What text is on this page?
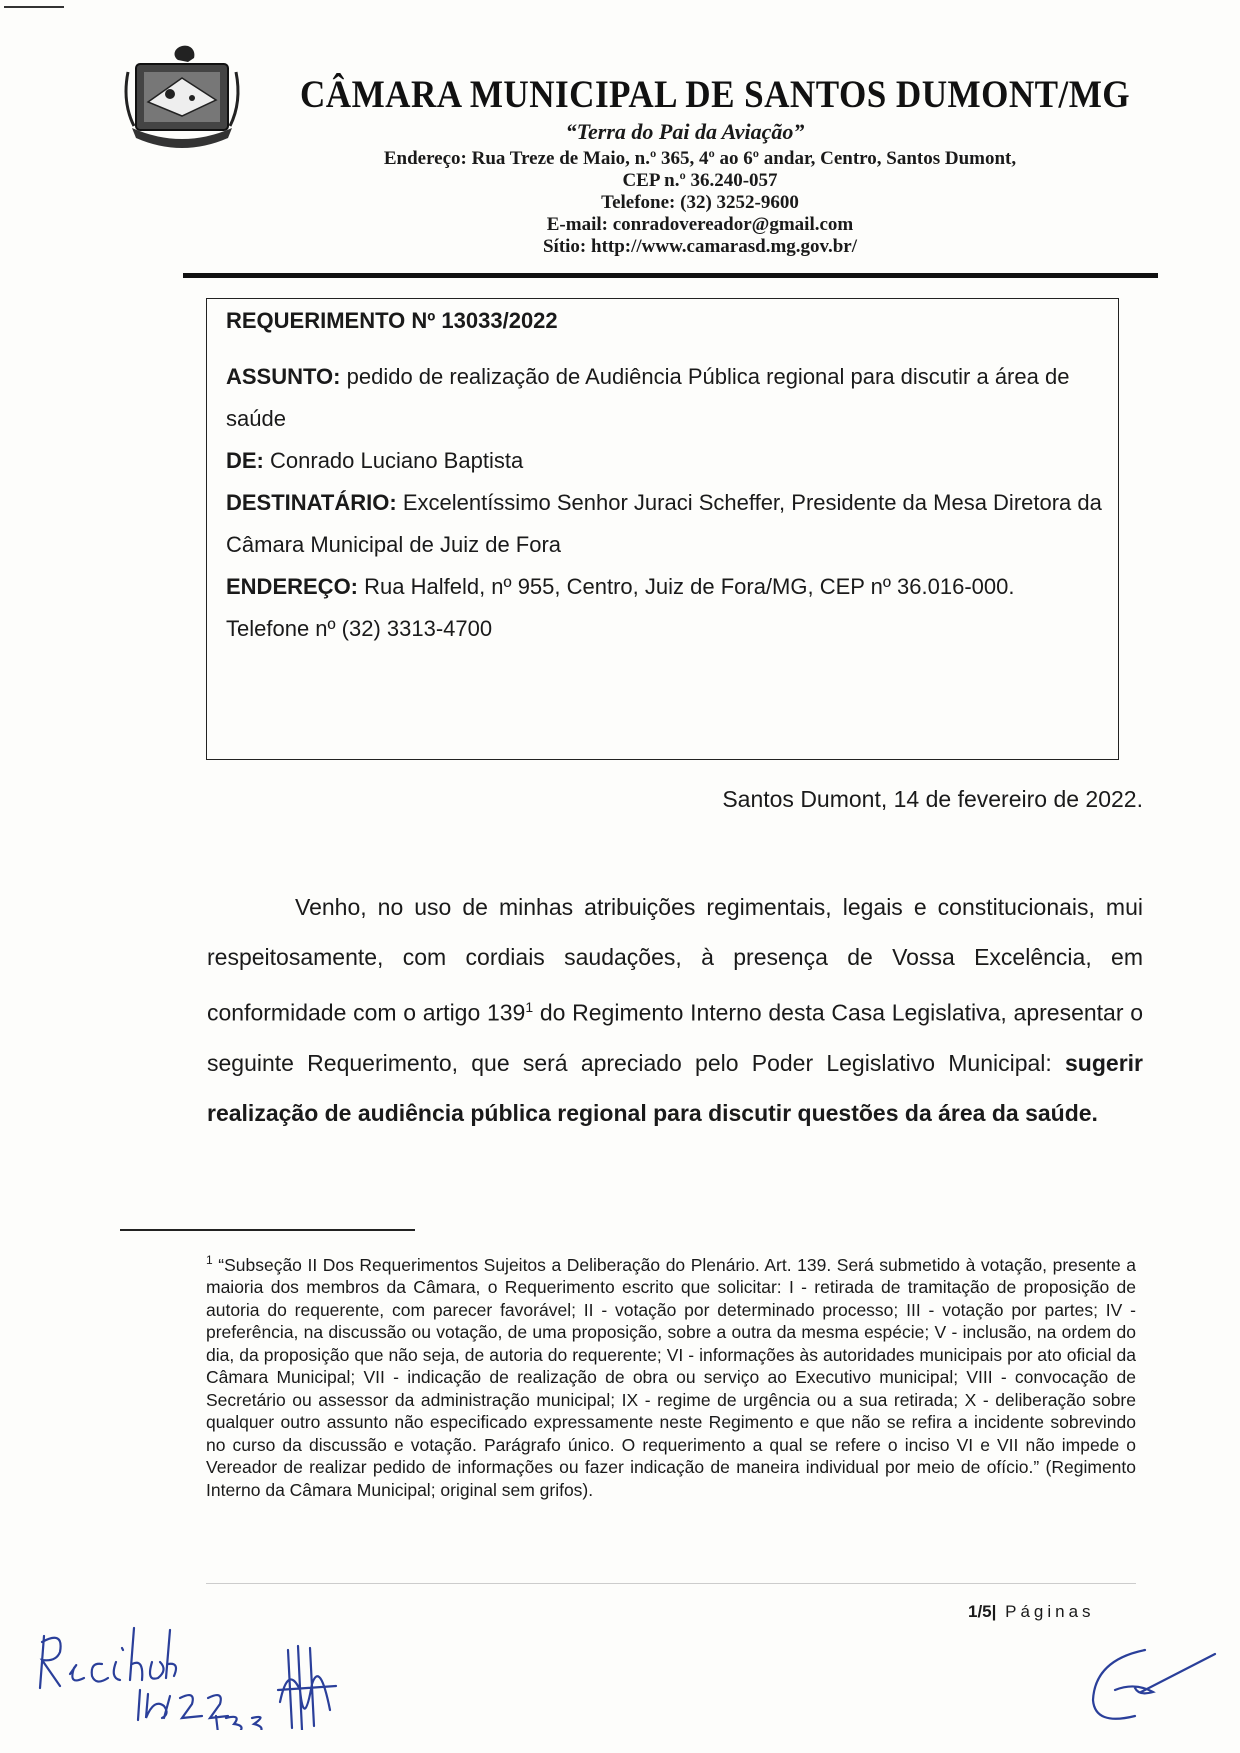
CÂMARA MUNICIPAL DE SANTOS DUMONT/MG
“Terra do Pai da Aviação”
Endereço: Rua Treze de Maio, n.º 365, 4º ao 6º andar, Centro, Santos Dumont,
CEP n.º 36.240-057
Telefone: (32) 3252-9600
E-mail: conradovereador@gmail.com
Sítio: http://www.camarasd.mg.gov.br/

REQUERIMENTO Nº 13033/2022

ASSUNTO: pedido de realização de Audiência Pública regional para discutir a área de saúde

DE: Conrado Luciano Baptista

DESTINATÁRIO: Excelentíssimo Senhor Juraci Scheffer, Presidente da Mesa Diretora da Câmara Municipal de Juiz de Fora

ENDEREÇO: Rua Halfeld, nº 955, Centro, Juiz de Fora/MG, CEP nº 36.016-000.

Telefone nº (32) 3313-4700

Santos Dumont, 14 de fevereiro de 2022.

Venho, no uso de minhas atribuições regimentais, legais e constitucionais, mui respeitosamente, com cordiais saudações, à presença de Vossa Excelência, em conformidade com o artigo $139^1$ do Regimento Interno desta Casa Legislativa, apresentar o seguinte Requerimento, que será apreciado pelo Poder Legislativo Municipal: sugerir realização de audiência pública regional para discutir questões da área da saúde.

$^1$ “Subseção II Dos Requerimentos Sujeitos a Deliberação do Plenário. Art. 139. Será submetido à votação, presente a maioria dos membros da Câmara, o Requerimento escrito que solicitar: I - retirada de tramitação de proposição de autoria do requerente, com parecer favorável; II - votação por determinado processo; III - votação por partes; IV - preferência, na discussão ou votação, de uma proposição, sobre a outra da mesma espécie; V - inclusão, na ordem do dia, da proposição que não seja, de autoria do requerente; VI - informações às autoridades municipais por ato oficial da Câmara Municipal; VII - indicação de realização de obra ou serviço ao Executivo municipal; VIII - convocação de Secretário ou assessor da administração municipal; IX - regime de urgência ou a sua retirada; X - deliberação sobre qualquer outro assunto não especificado expressamente neste Regimento e que não se refira a incidente sobrevindo no curso da discussão e votação. Parágrafo único. O requerimento a qual se refere o inciso VI e VII não impede o Vereador de realizar pedido de informações ou fazer indicação de maneira individual por meio de ofício.” (Regimento Interno da Câmara Municipal; original sem grifos).

1/5| Páginas
